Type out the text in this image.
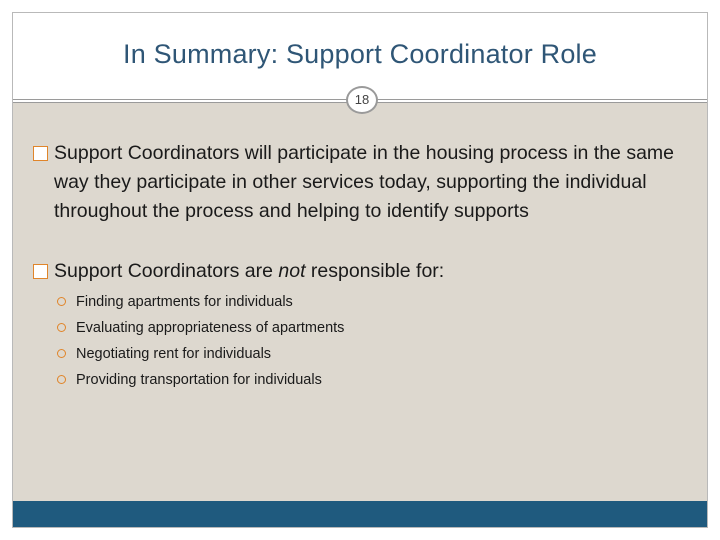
In Summary: Support Coordinator Role
Support Coordinators will participate in the housing process in the same way they participate in other services today, supporting the individual throughout the process and helping to identify supports
Support Coordinators are not responsible for:
Finding apartments for individuals
Evaluating appropriateness of apartments
Negotiating rent for individuals
Providing transportation for individuals
18
